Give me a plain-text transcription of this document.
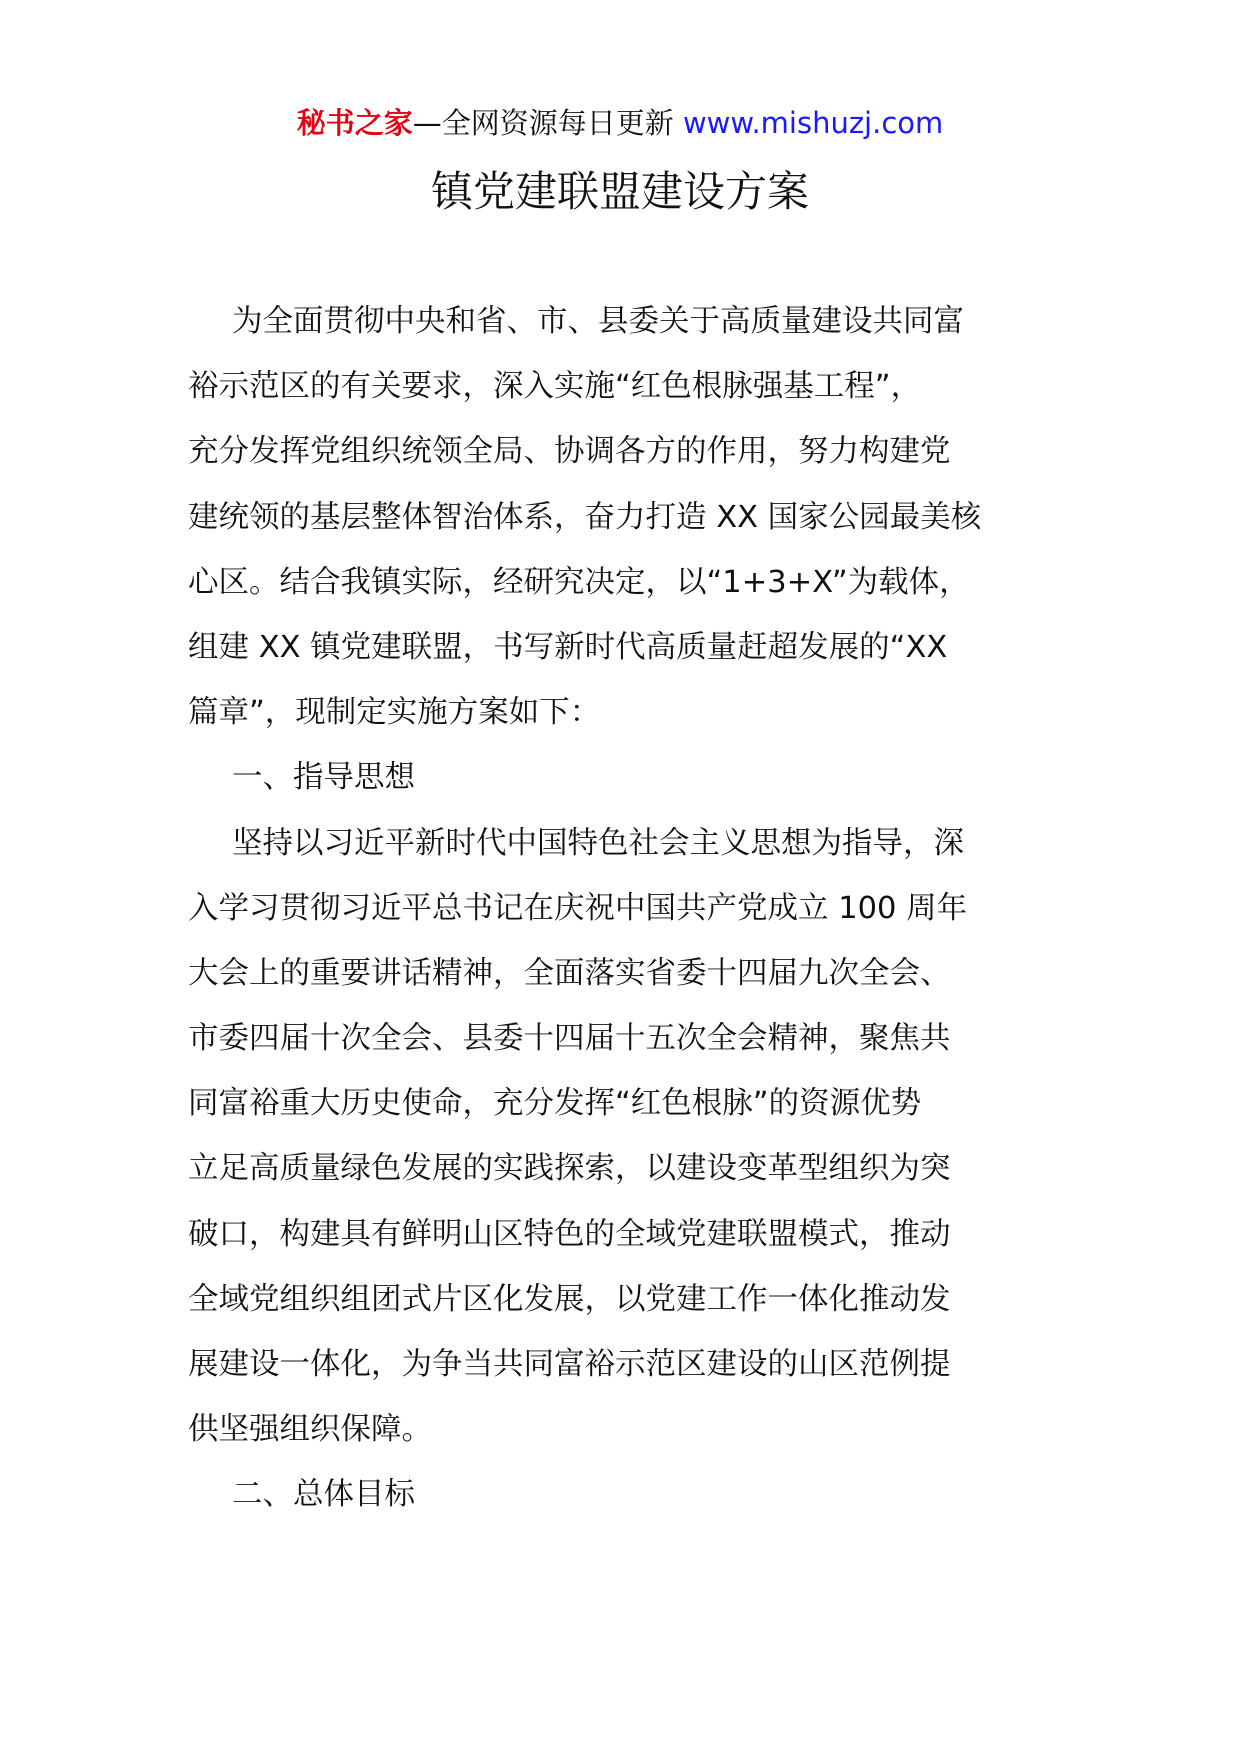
秘书之家—全网资源每日更新 www.mishuzj.com
镇党建联盟建设方案
为全面贯彻中央和省、市、县委关于高质量建设共同富
裕示范区的有关要求，深入实施“红色根脉强基工程”，
充分发挥党组织统领全局、协调各方的作用，努力构建党
建统领的基层整体智治体系，奋力打造 XX 国家公园最美核
心区。结合我镇实际，经研究决定，以“1+3+X”为载体，
组建 XX 镇党建联盟，书写新时代高质量赶超发展的“XX
篇章”，现制定实施方案如下：
一、指导思想
坚持以习近平新时代中国特色社会主义思想为指导，深
入学习贯彻习近平总书记在庆祝中国共产党成立 100 周年
大会上的重要讲话精神，全面落实省委十四届九次全会、
市委四届十次全会、县委十四届十五次全会精神，聚焦共
同富裕重大历史使命，充分发挥“红色根脉”的资源优势
立足高质量绿色发展的实践探索，以建设变革型组织为突
破口，构建具有鲜明山区特色的全域党建联盟模式，推动
全域党组织组团式片区化发展，以党建工作一体化推动发
展建设一体化，为争当共同富裕示范区建设的山区范例提
供坚强组织保障。
二、总体目标
